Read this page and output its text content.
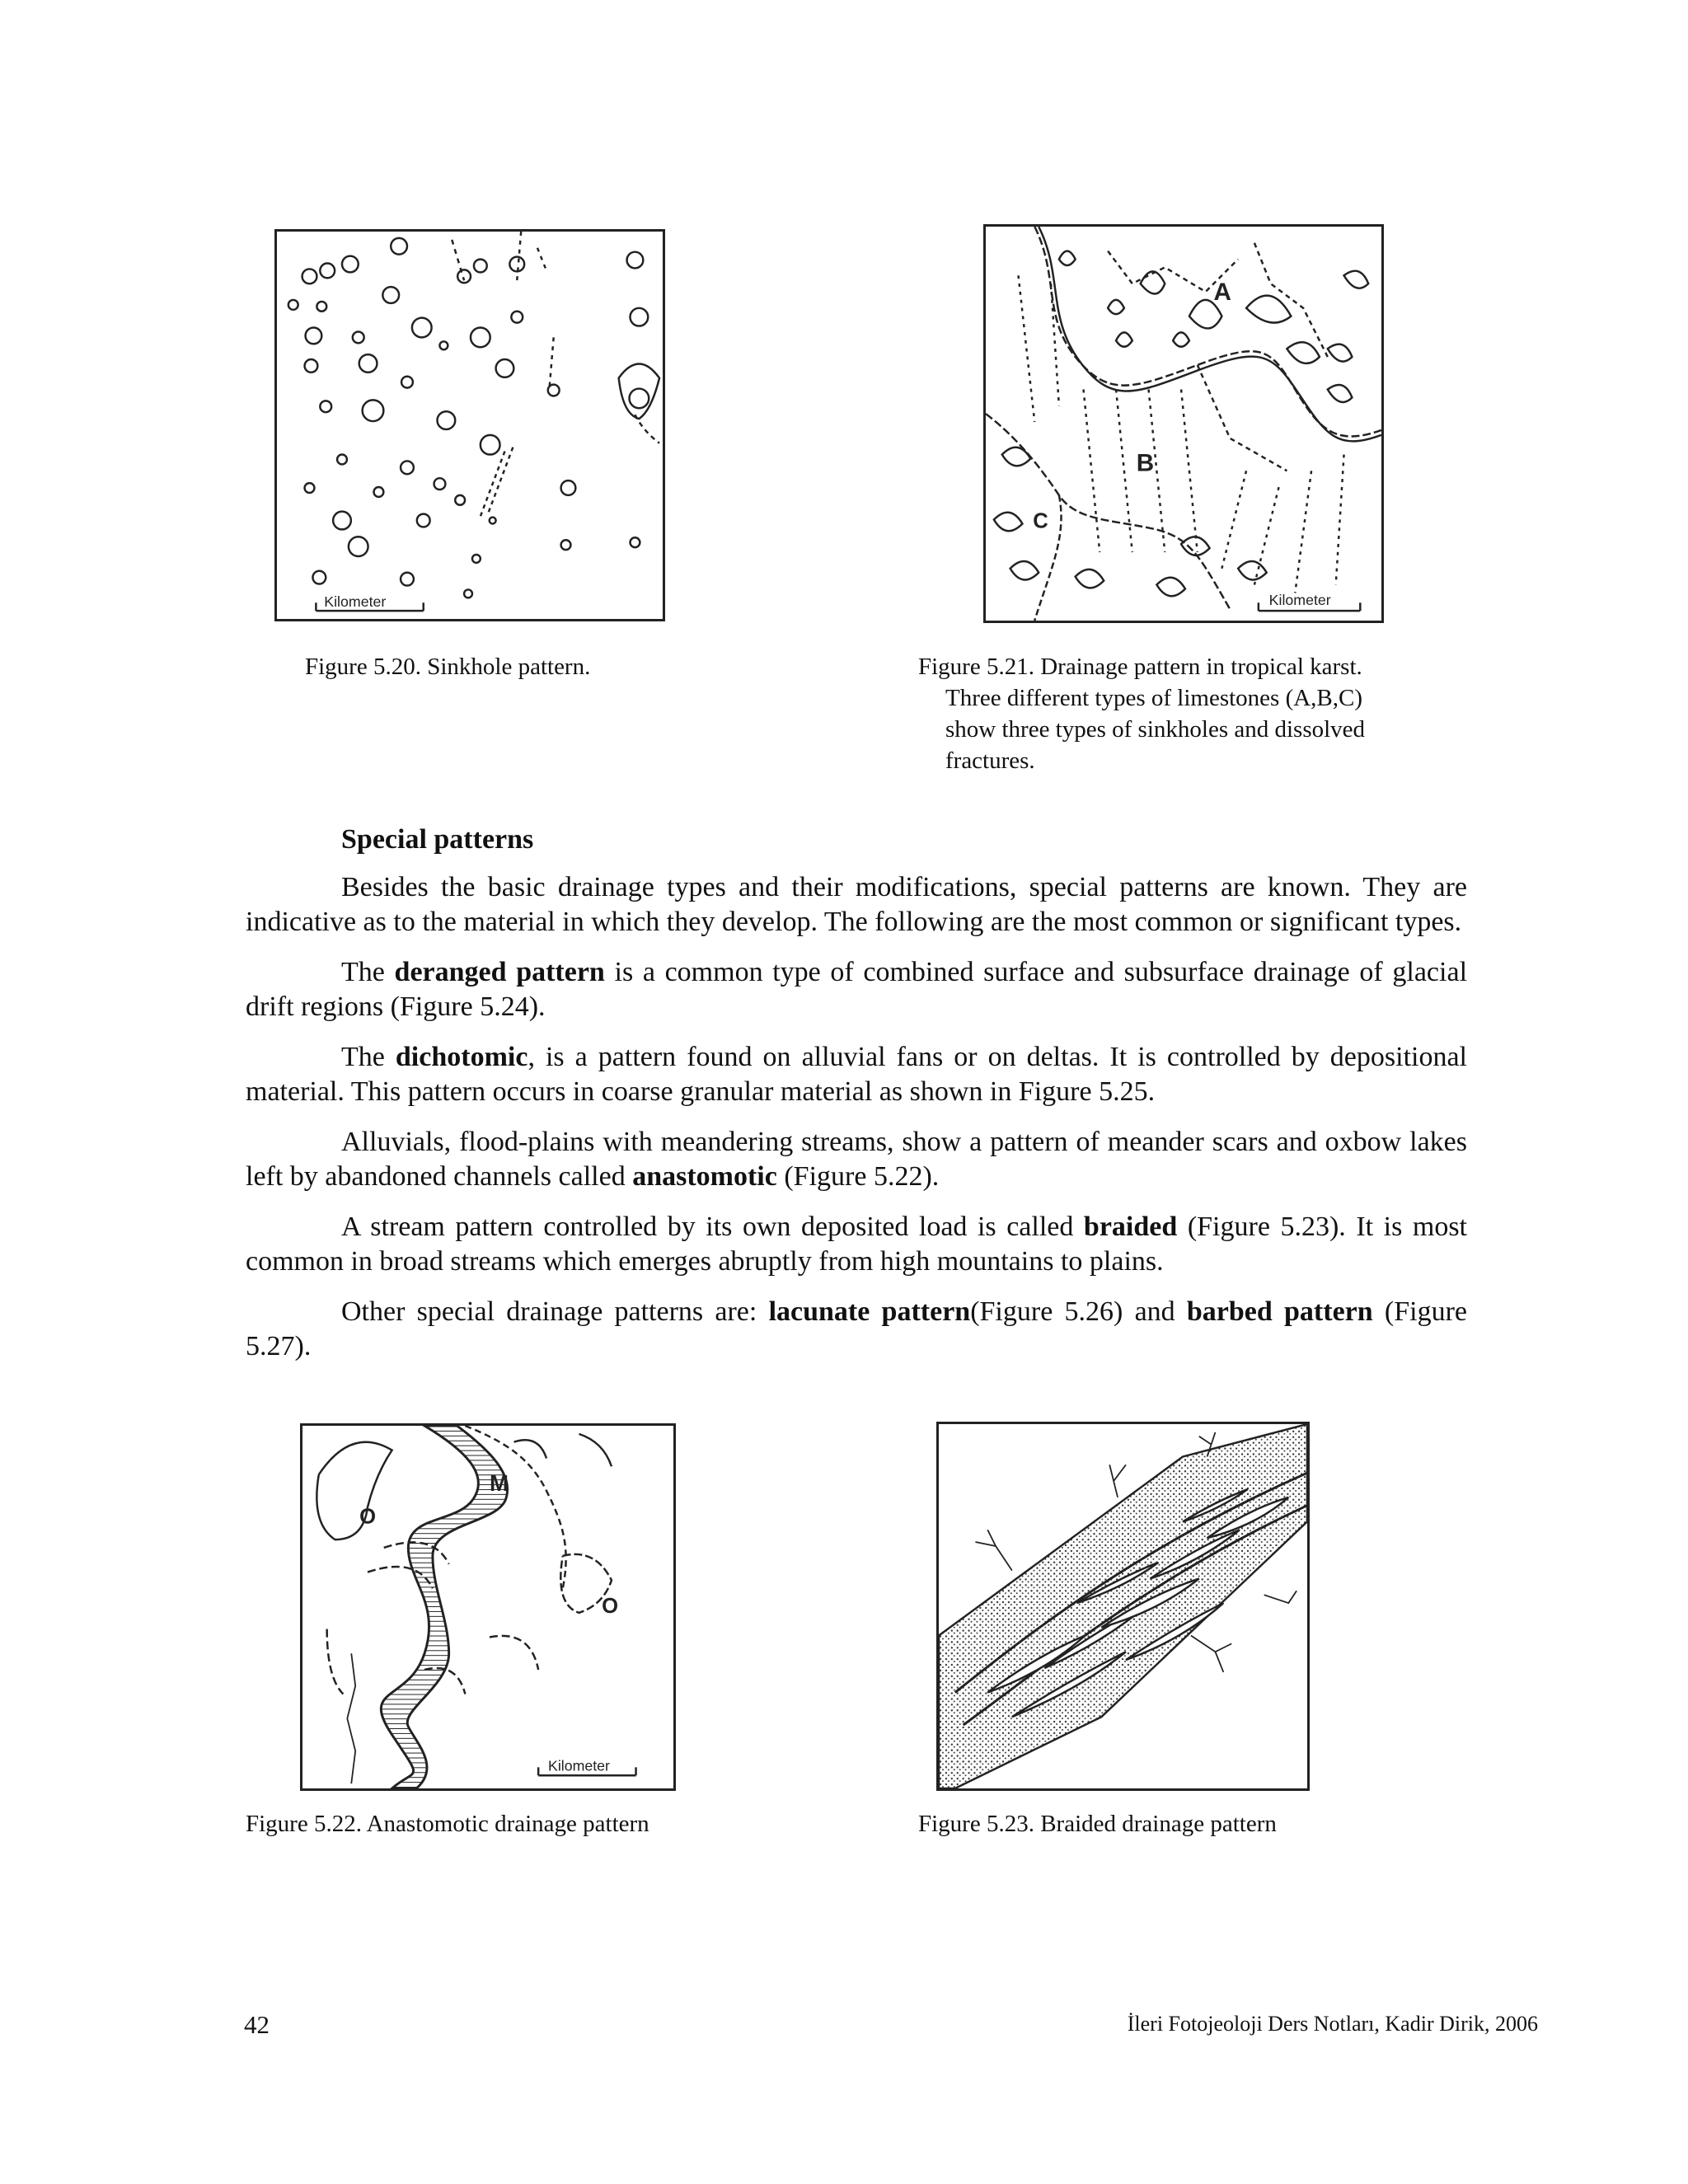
Kilometer
Figure 5.20. Sinkhole pattern.
Kilometer
A
B
C
Figure 5.21. Drainage pattern in tropical karst.
Three different types of limestones (A,B,C)
show three types of sinkholes and dissolved
fractures.
Special patterns

Besides the basic drainage types and their modifications, special patterns are known. They are indicative as to the material in which they develop. The following are the most common or significant types.

The deranged pattern is a common type of combined surface and subsurface drainage of glacial drift regions (Figure 5.24).

The dichotomic, is a pattern found on alluvial fans or on deltas. It is controlled by depositional material. This pattern occurs in coarse granular material as shown in Figure 5.25.

Alluvials, flood-plains with meandering streams, show a pattern of meander scars and oxbow lakes left by abandoned channels called anastomotic (Figure 5.22).

A stream pattern controlled by its own deposited load is called braided (Figure 5.23). It is most common in broad streams which emerges abruptly from high mountains to plains.

Other special drainage patterns are: lacunate pattern(Figure 5.26) and barbed pattern (Figure 5.27).

Kilometer
M
O
O
Figure 5.22. Anastomotic drainage pattern	Figure 5.23. Braided drainage pattern
42	İleri Fotojeoloji Ders Notları, Kadir Dirik, 2006
